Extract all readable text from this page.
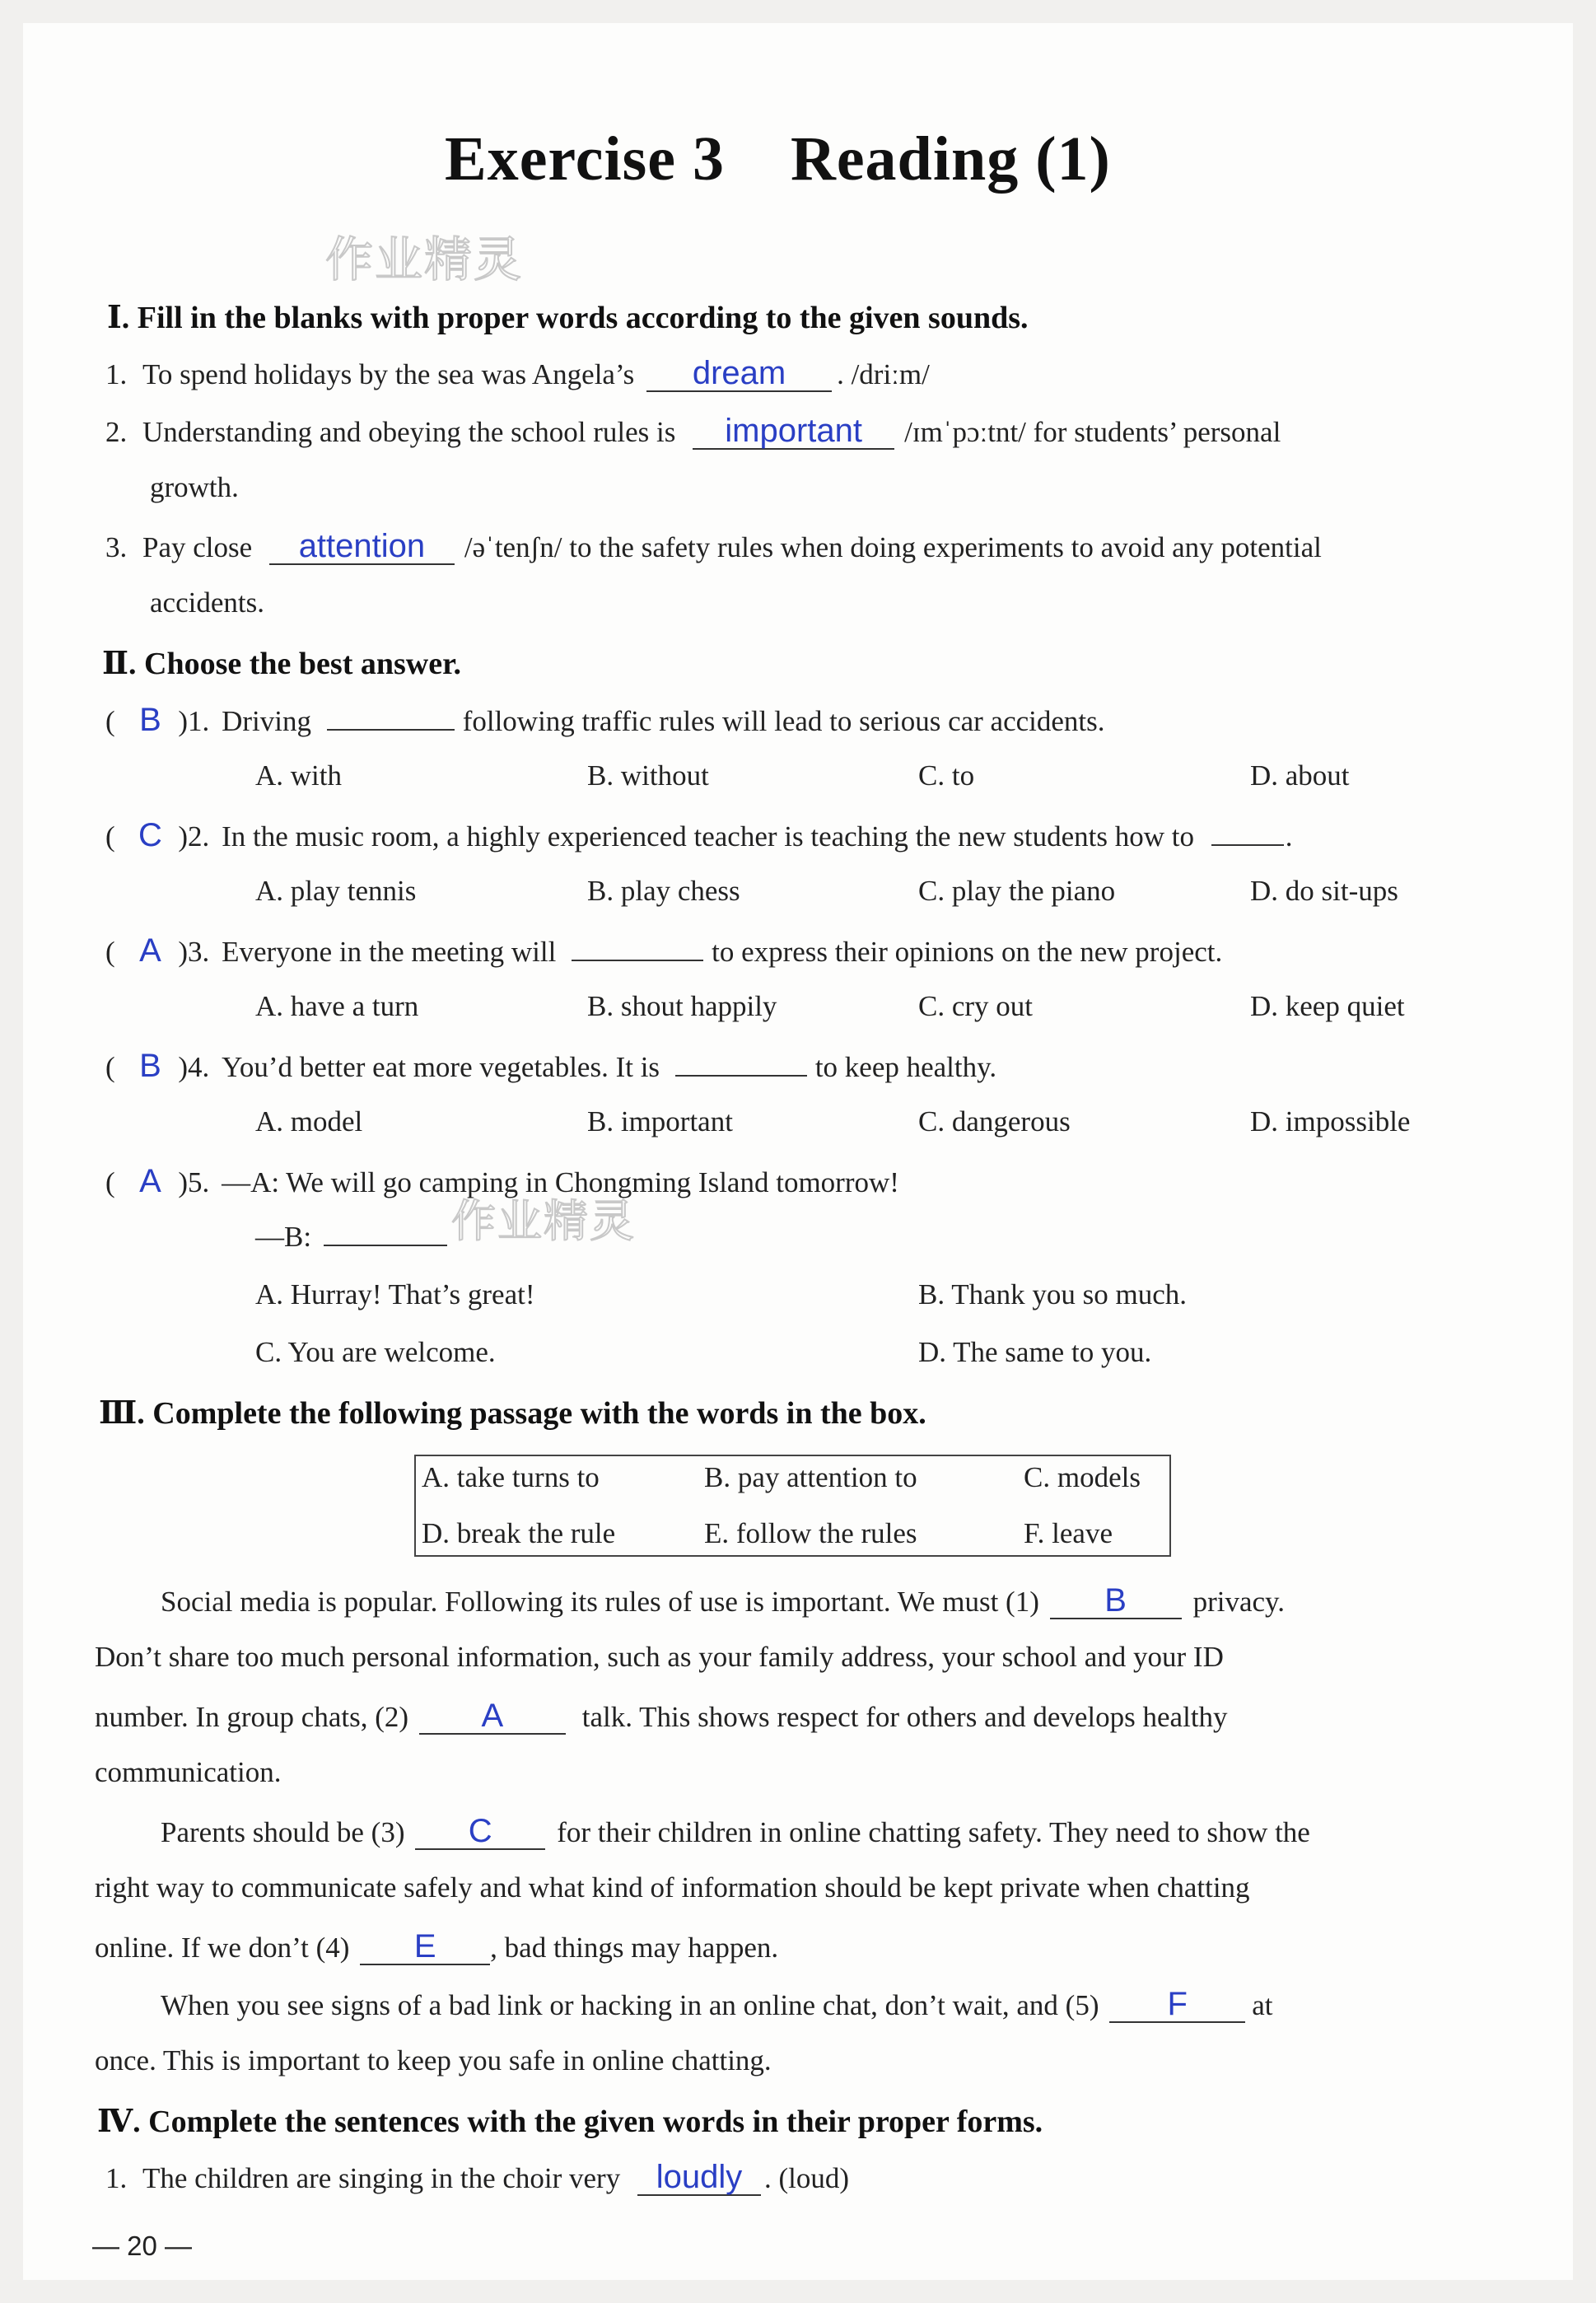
Exercise 3    Reading (1)
作业精灵
Ⅰ. Fill in the blanks with proper words according to the given sounds.
1. To spend holidays by the sea was Angela’s dream . /driːm/
2. Understanding and obeying the school rules is important /ɪmˈpɔːtnt/ for students’ personal
growth.
3. Pay close attention /əˈtenʃn/ to the safety rules when doing experiments to avoid any potential
accidents.
Ⅱ. Choose the best answer.
( B )1. Driving	following traffic rules will lead to serious car accidents.
A. with	B. without	C. to	D. about
( C )2. In the music room, a highly experienced teacher is teaching the new students how to	.
A. play tennis	B. play chess	C. play the piano	D. do sit-ups
( A )3. Everyone in the meeting will	to express their opinions on the new project.
A. have a turn	B. shout happily	C. cry out	D. keep quiet
( B )4. You’d better eat more vegetables. It is	to keep healthy.
A. model	B. important	C. dangerous	D. impossible
( A )5. —A: We will go camping in Chongming Island tomorrow!
—B:	作业精灵
A. Hurray! That’s great!	B. Thank you so much.
C. You are welcome.	D. The same to you.
Ⅲ. Complete the following passage with the words in the box.
A. take turns to	B. pay attention to	C. models
D. break the rule	E. follow the rules	F. leave
Social media is popular. Following its rules of use is important. We must (1) B privacy.
Don’t share too much personal information, such as your family address, your school and your ID
number. In group chats, (2) A	talk. This shows respect for others and develops healthy
communication.
Parents should be (3) C for their children in online chatting safety. They need to show the
right way to communicate safely and what kind of information should be kept private when chatting
online. If we don’t (4) E , bad things may happen.
When you see signs of a bad link or hacking in an online chat, don’t wait, and (5) F at
once. This is important to keep you safe in online chatting.
Ⅳ. Complete the sentences with the given words in their proper forms.
1. The children are singing in the choir very loudly . (loud)
— 20 —
